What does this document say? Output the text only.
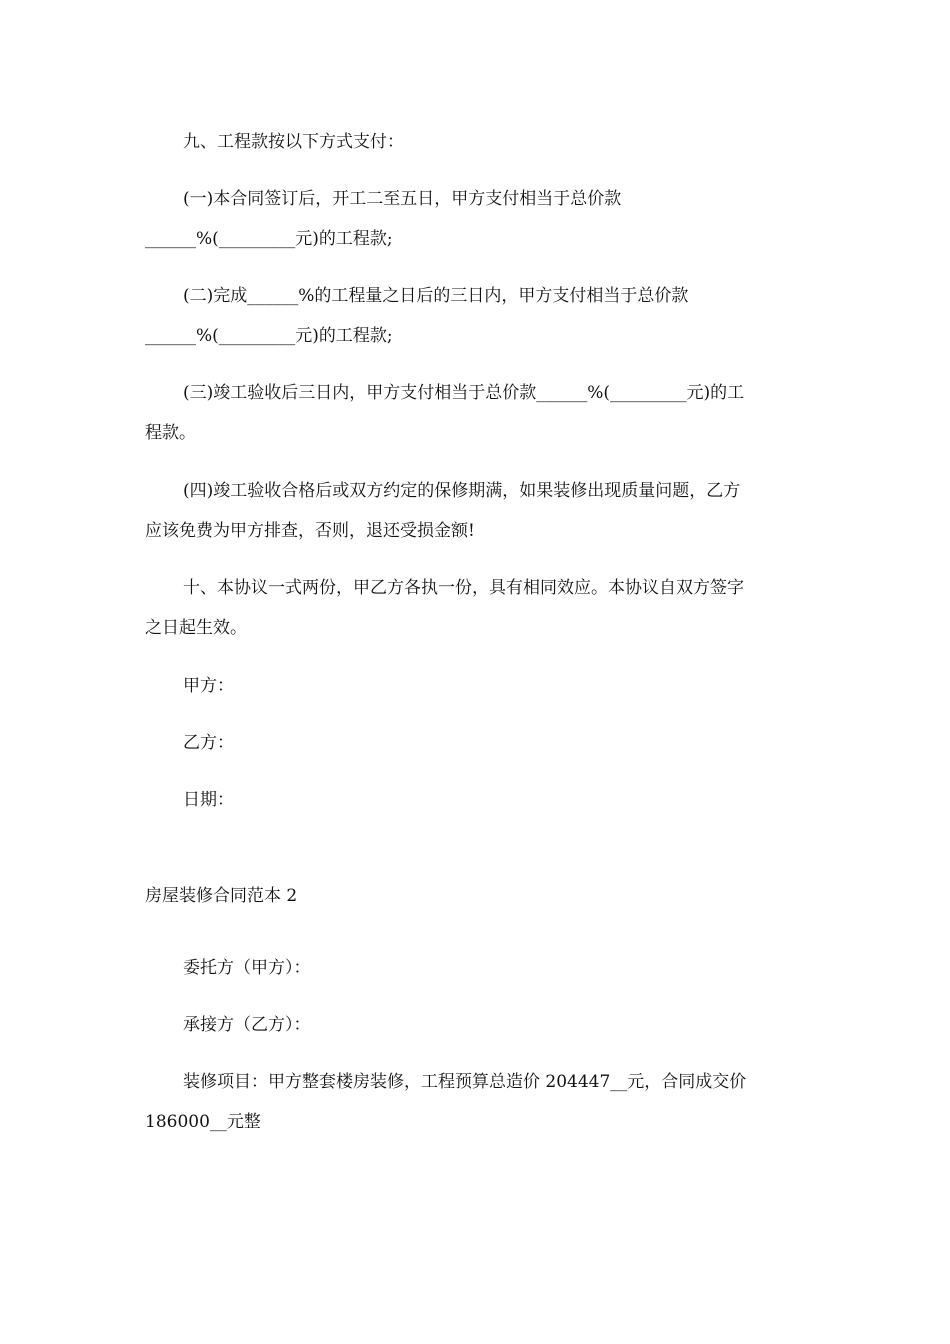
九、工程款按以下方式支付：
(一)本合同签订后，开工二至五日，甲方支付相当于总价款
______%(_________元)的工程款;
(二)完成______%的工程量之日后的三日内，甲方支付相当于总价款
______%(_________元)的工程款;
(三)竣工验收后三日内，甲方支付相当于总价款______%(_________元)的工
程款。
(四)竣工验收合格后或双方约定的保修期满，如果装修出现质量问题，乙方
应该免费为甲方排查，否则，退还受损金额!
十、本协议一式两份，甲乙方各执一份，具有相同效应。本协议自双方签字
之日起生效。
甲方：
乙方：
日期：
房屋装修合同范本 2
委托方（甲方）：
承接方（乙方）：
装修项目：甲方整套楼房装修，工程预算总造价 204447__元，合同成交价
186000__元整
